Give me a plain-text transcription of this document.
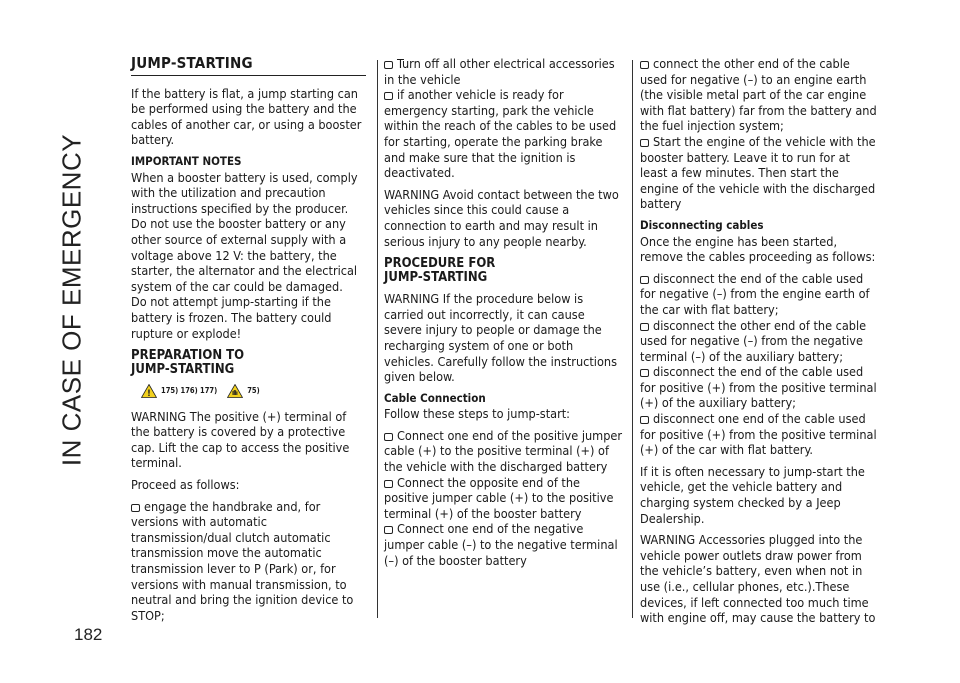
IN CASE OF EMERGENCY
182
JUMP-STARTING

If the battery is flat, a jump starting can be performed using the battery and the cables of another car, or using a booster battery.

IMPORTANT NOTES

When a booster battery is used, comply with the utilization and precaution instructions specified by the producer.

Do not use the booster battery or any other source of external supply with a voltage above 12 V: the battery, the starter, the alternator and the electrical system of the car could be damaged.

Do not attempt jump-starting if the battery is frozen. The battery could rupture or explode!

PREPARATION TO
JUMP-STARTING
! 175) 176) 177)	75)

WARNING The positive (+) terminal of the battery is covered by a protective cap. Lift the cap to access the positive terminal.

Proceed as follows:

engage the handbrake and, for versions with automatic transmission/dual clutch automatic transmission move the automatic transmission lever to P (Park) or, for versions with manual transmission, to neutral and bring the ignition device to STOP;

Turn off all other electrical accessories in the vehicle

if another vehicle is ready for emergency starting, park the vehicle within the reach of the cables to be used for starting, operate the parking brake and make sure that the ignition is deactivated.

WARNING Avoid contact between the two vehicles since this could cause a connection to earth and may result in serious injury to any people nearby.

PROCEDURE FOR
JUMP-STARTING

WARNING If the procedure below is carried out incorrectly, it can cause severe injury to people or damage the recharging system of one or both vehicles. Carefully follow the instructions given below.

Cable Connection

Follow these steps to jump-start:

Connect one end of the positive jumper cable (+) to the positive terminal (+) of the vehicle with the discharged battery

Connect the opposite end of the positive jumper cable (+) to the positive terminal (+) of the booster battery

Connect one end of the negative jumper cable (–) to the negative terminal (–) of the booster battery

connect the other end of the cable used for negative (–) to an engine earth (the visible metal part of the car engine with flat battery) far from the battery and the fuel injection system;

Start the engine of the vehicle with the booster battery. Leave it to run for at least a few minutes. Then start the engine of the vehicle with the discharged battery

Disconnecting cables

Once the engine has been started, remove the cables proceeding as follows:

disconnect the end of the cable used for negative (–) from the engine earth of the car with flat battery;

disconnect the other end of the cable used for negative (–) from the negative terminal (–) of the auxiliary battery;

disconnect the end of the cable used for positive (+) from the positive terminal (+) of the auxiliary battery;

disconnect one end of the cable used for positive (+) from the positive terminal (+) of the car with flat battery.

If it is often necessary to jump-start the vehicle, get the vehicle battery and charging system checked by a Jeep Dealership.

WARNING Accessories plugged into the vehicle power outlets draw power from the vehicle’s battery, even when not in use (i.e., cellular phones, etc.).These devices, if left connected too much time with engine off, may cause the battery to
